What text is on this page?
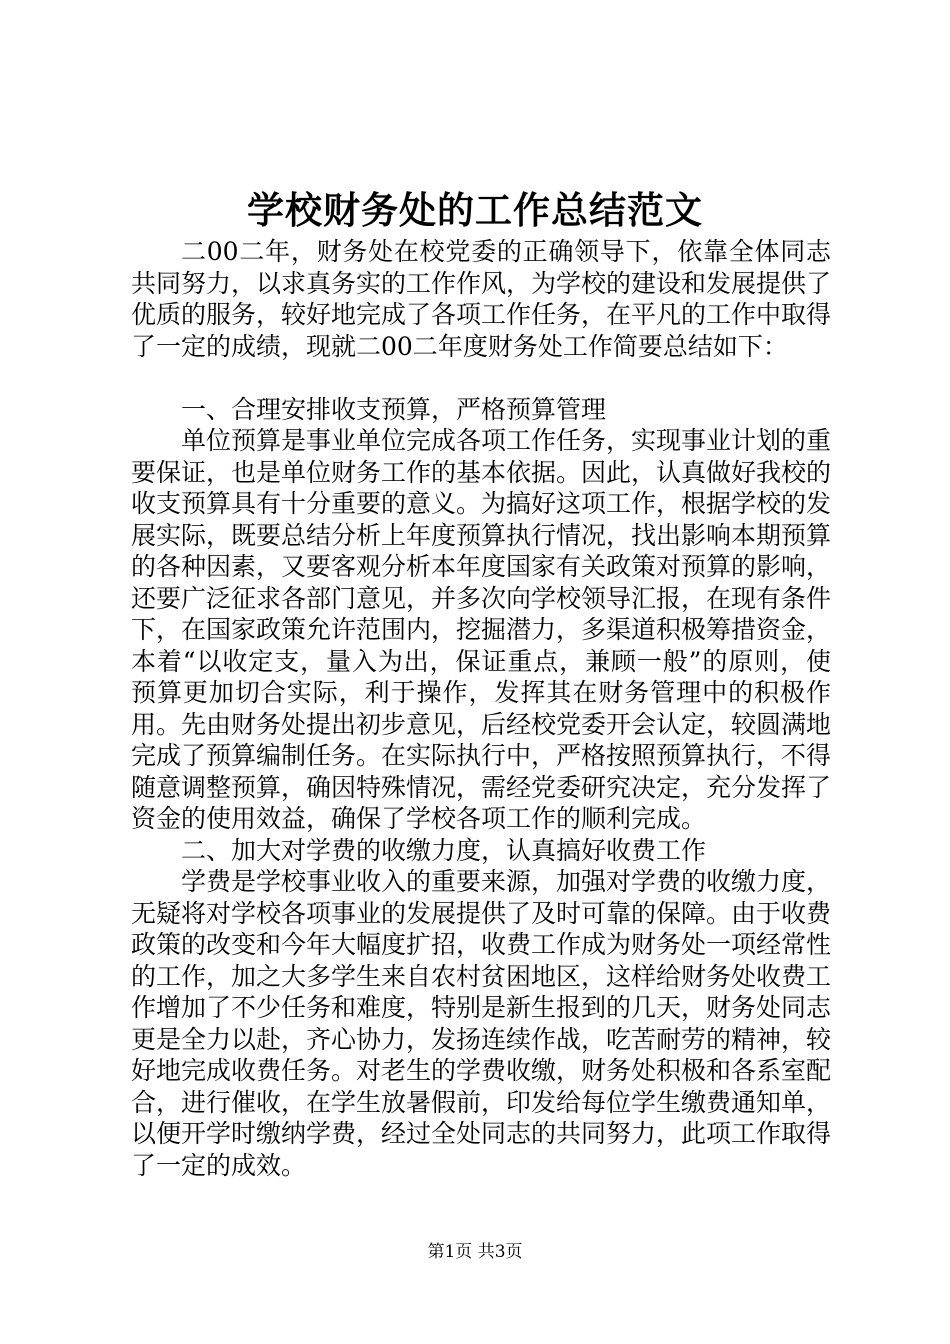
学校财务处的工作总结范文

二00二年，财务处在校党委的正确领导下，依靠全体同志共同努力，以求真务实的工作作风，为学校的建设和发展提供了优质的服务，较好地完成了各项工作任务，在平凡的工作中取得了一定的成绩，现就二00二年度财务处工作简要总结如下：

一、合理安排收支预算，严格预算管理

单位预算是事业单位完成各项工作任务，实现事业计划的重要保证，也是单位财务工作的基本依据。因此，认真做好我校的收支预算具有十分重要的意义。为搞好这项工作，根据学校的发展实际，既要总结分析上年度预算执行情况，找出影响本期预算的各种因素，又要客观分析本年度国家有关政策对预算的影响，还要广泛征求各部门意见，并多次向学校领导汇报，在现有条件下，在国家政策允许范围内，挖掘潜力，多渠道积极筹措资金，本着“以收定支，量入为出，保证重点，兼顾一般”的原则，使预算更加切合实际，利于操作，发挥其在财务管理中的积极作用。先由财务处提出初步意见，后经校党委开会认定，较圆满地完成了预算编制任务。在实际执行中，严格按照预算执行，不得随意调整预算，确因特殊情况，需经党委研究决定，充分发挥了资金的使用效益，确保了学校各项工作的顺利完成。

二、加大对学费的收缴力度，认真搞好收费工作

学费是学校事业收入的重要来源，加强对学费的收缴力度，无疑将对学校各项事业的发展提供了及时可靠的保障。由于收费政策的改变和今年大幅度扩招，收费工作成为财务处一项经常性的工作，加之大多学生来自农村贫困地区，这样给财务处收费工作增加了不少任务和难度，特别是新生报到的几天，财务处同志更是全力以赴，齐心协力，发扬连续作战，吃苦耐劳的精神，较好地完成收费任务。对老生的学费收缴，财务处积极和各系室配合，进行催收，在学生放暑假前，印发给每位学生缴费通知单，以便开学时缴纳学费，经过全处同志的共同努力，此项工作取得了一定的成效。

第1页 共3页
